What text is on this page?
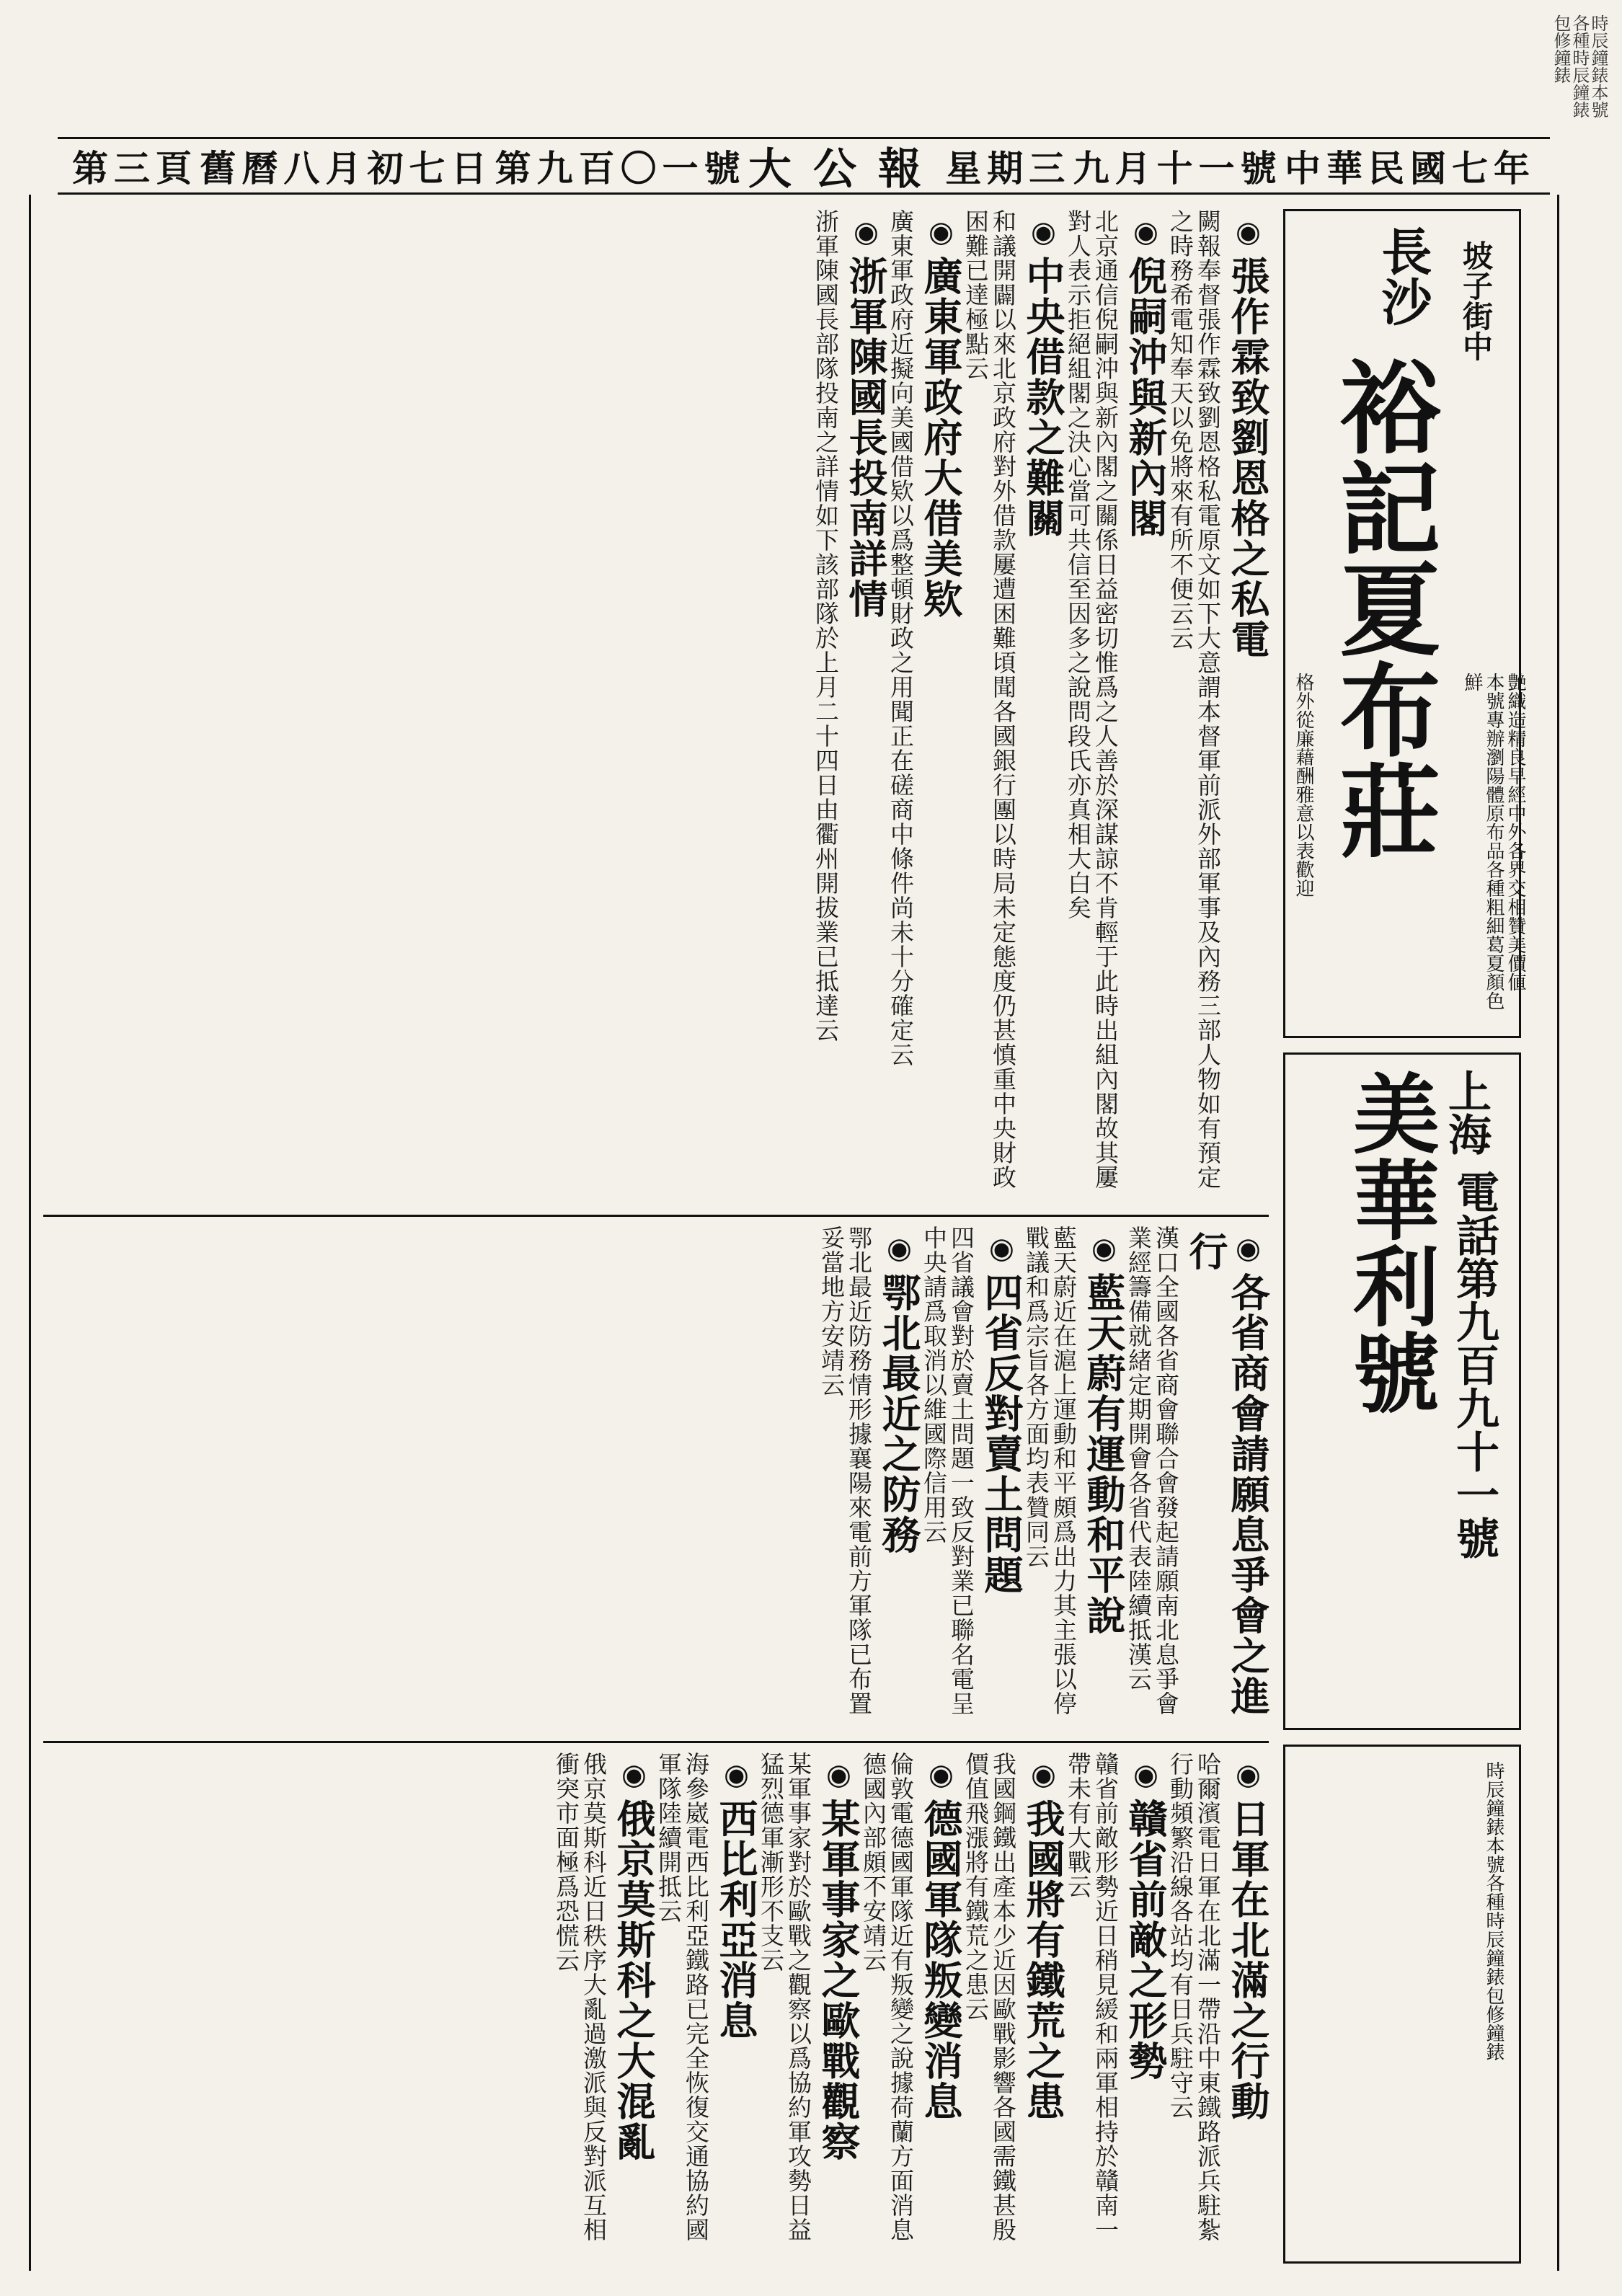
時辰鐘錶本號各種時辰鐘錶包修鐘錶
第三頁 舊曆八月初七日 第九百〇一號 大公報 星期三 九月十一號 中華民國七年
長沙 坡子街中
裕記夏布莊	本號專辦瀏陽體原布品各種粗細葛夏顏色鮮	艶織造精良早經中外各界交相贊美價値
格外從廉藉酬雅意以表歡迎
上海
美華利號 電話第九百九十一號
時辰鐘錶本號各種時辰鐘錶包修鐘錶
◉ 張作霖致劉恩格之私電
闕報奉督張作霖致劉恩格私電原文如下大意謂本督軍前派外部軍事及內務三部人物如有預定之時務希電知奉天以免將來有所不便云云
◉ 倪嗣沖與新內閣
北京通信倪嗣沖與新內閣之關係日益密切惟爲之人善於深謀諒不肯輕于此時出組內閣故其屢對人表示拒絕組閣之決心當可共信至因多之說問段氏亦真相大白矣
◉ 中央借款之難關
和議開闢以來北京政府對外借款屢遭困難頃聞各國銀行團以時局未定態度仍甚慎重中央財政困難已達極點云
◉ 廣東軍政府大借美欵
廣東軍政府近擬向美國借欵以爲整頓財政之用聞正在磋商中條件尚未十分確定云
◉ 浙軍陳國長投南詳情
浙軍陳國長部隊投南之詳情如下該部隊於上月二十四日由衢州開拔業已抵達云
◉ 各省商會請願息爭會之進行
漢口全國各省商會聯合會發起請願南北息爭會業經籌備就緒定期開會各省代表陸續抵漢云
◉ 藍天蔚有運動和平說
藍天蔚近在滬上運動和平頗爲出力其主張以停戰議和爲宗旨各方面均表贊同云
◉ 四省反對賣土問題
四省議會對於賣土問題一致反對業已聯名電呈中央請爲取消以維國際信用云
◉ 鄂北最近之防務
鄂北最近防務情形據襄陽來電前方軍隊已布置妥當地方安靖云
◉ 日軍在北滿之行動
哈爾濱電日軍在北滿一帶沿中東鐵路派兵駐紮行動頻繁沿線各站均有日兵駐守云
◉ 贛省前敵之形勢
贛省前敵形勢近日稍見緩和兩軍相持於贛南一帶未有大戰云
◉ 我國將有鐵荒之患
我國鋼鐵出產本少近因歐戰影響各國需鐵甚殷價值飛漲將有鐵荒之患云
◉ 德國軍隊叛變消息
倫敦電德國軍隊近有叛變之說據荷蘭方面消息德國內部頗不安靖云
◉ 某軍事家之歐戰觀察
某軍事家對於歐戰之觀察以爲協約軍攻勢日益猛烈德軍漸形不支云
◉ 西比利亞消息
海參崴電西比利亞鐵路已完全恢復交通協約國軍隊陸續開抵云
◉ 俄京莫斯科之大混亂
俄京莫斯科近日秩序大亂過激派與反對派互相衝突市面極爲恐慌云
